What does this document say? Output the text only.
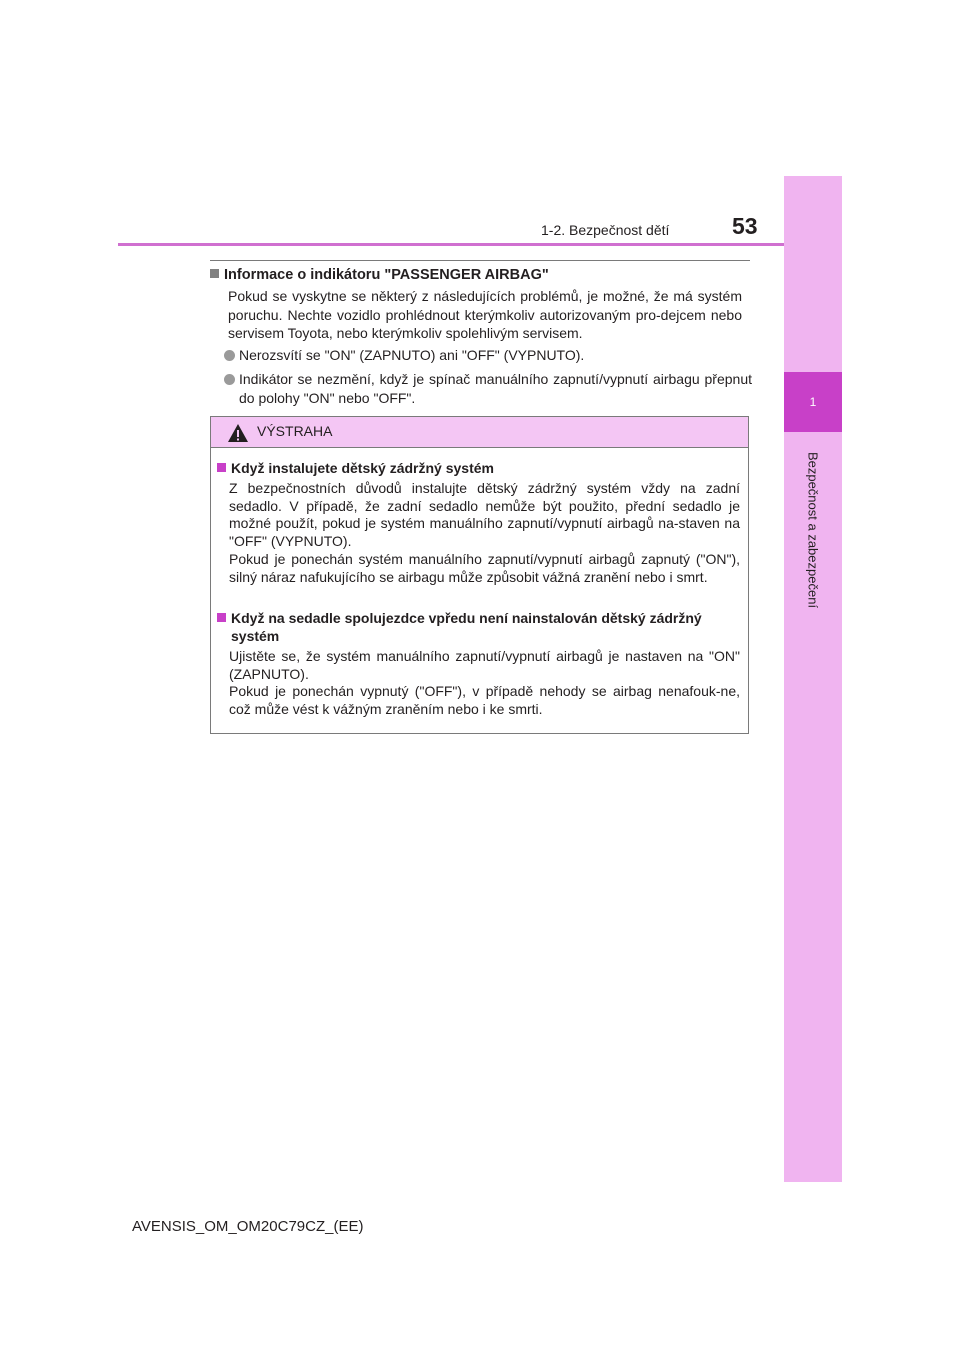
1
Bezpečnost a zabezpečení
1-2. Bezpečnost dětí	53
Informace o indikátoru "PASSENGER AIRBAG"
Pokud se vyskytne se některý z následujících problémů, je možné, že má systém poruchu. Nechte vozidlo prohlédnout kterýmkoliv autorizovaným pro-dejcem nebo servisem Toyota, nebo kterýmkoliv spolehlivým servisem.
Nerozsvítí se "ON" (ZAPNUTO) ani "OFF" (VYPNUTO).
Indikátor se nezmění, když je spínač manuálního zapnutí/vypnutí airbagu přepnut do polohy "ON" nebo "OFF".
VÝSTRAHA
Když instalujete dětský zádržný systém
Z bezpečnostních důvodů instalujte dětský zádržný systém vždy na zadní sedadlo. V případě, že zadní sedadlo nemůže být použito, přední sedadlo je možné použít, pokud je systém manuálního zapnutí/vypnutí airbagů na-staven na "OFF" (VYPNUTO).
Pokud je ponechán systém manuálního zapnutí/vypnutí airbagů zapnutý ("ON"), silný náraz nafukujícího se airbagu může způsobit vážná zranění nebo i smrt.
Když na sedadle spolujezdce vpředu není nainstalován dětský zádržný
systém
Ujistěte se, že systém manuálního zapnutí/vypnutí airbagů je nastaven na "ON" (ZAPNUTO).
Pokud je ponechán vypnutý ("OFF"), v případě nehody se airbag nenafouk-ne, což může vést k vážným zraněním nebo i ke smrti.
AVENSIS_OM_OM20C79CZ_(EE)
